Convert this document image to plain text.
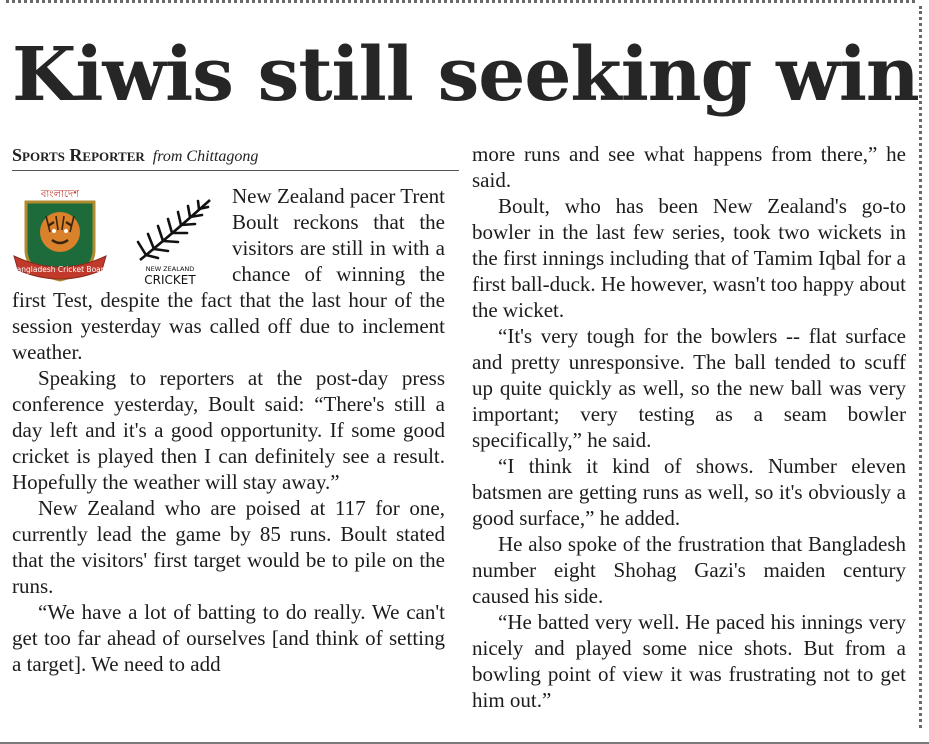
Kiwis still seeking win
Sports Reporter from Chittagong
বাংলাদেশ
Bangladesh Cricket Board	NEW ZEALAND
CRICKET

New Zealand pacer Trent Boult reckons that the visitors are still in with a chance of winning the first Test, despite the fact that the last hour of the session yesterday was called off due to inclement weather.

Speaking to reporters at the post-day press conference yesterday, Boult said: “There's still a day left and it's a good opportunity. If some good cricket is played then I can definitely see a result. Hopefully the weather will stay away.”

New Zealand who are poised at 117 for one, currently lead the game by 85 runs. Boult stated that the visitors' first target would be to pile on the runs.

“We have a lot of batting to do really. We can't get too far ahead of ourselves [and think of setting a target]. We need to add

more runs and see what happens from there,” he said.

Boult, who has been New Zealand's go-to bowler in the last few series, took two wickets in the first innings including that of Tamim Iqbal for a first ball-duck. He however, wasn't too happy about the wicket.

“It's very tough for the bowlers -- flat surface and pretty unresponsive. The ball tended to scuff up quite quickly as well, so the new ball was very important; very testing as a seam bowler specifically,” he said.

“I think it kind of shows. Number eleven batsmen are getting runs as well, so it's obviously a good surface,” he added.

He also spoke of the frustration that Bangladesh number eight Shohag Gazi's maiden century caused his side.

“He batted very well. He paced his innings very nicely and played some nice shots. But from a bowling point of view it was frustrating not to get him out.”
